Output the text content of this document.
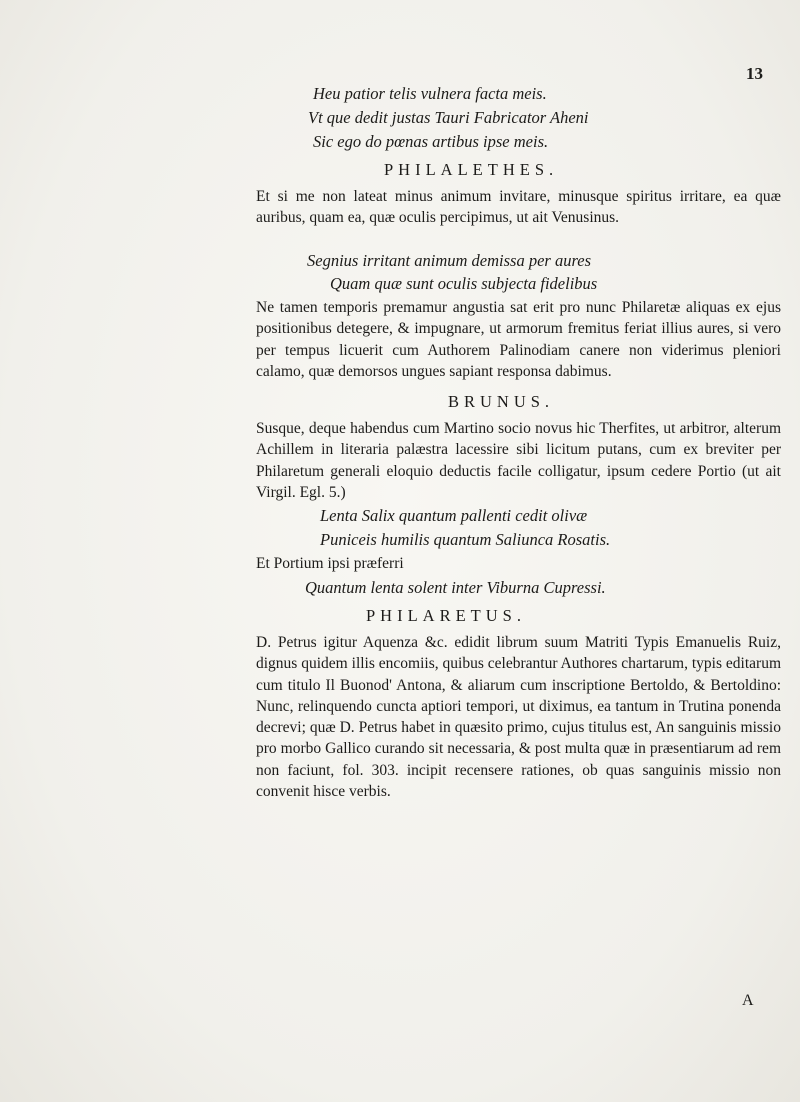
13
Heu patior telis vulnera facta meis.
Vt que dedit justas Tauri Fabricator Aheni
Sic ego do pœnas artibus ipse meis.
PHILALETHES.

Et si me non lateat minus animum invitare, minusque spiritus irritare, ea quæ auribus, quam ea, quæ oculis percipimus, ut ait Venusinus.

Segnius irritant animum demissa per aures
Quam quæ sunt oculis subjecta fidelibus

Ne tamen temporis premamur angustia sat erit pro nunc Philaretæ aliquas ex ejus positionibus detegere, & impugnare, ut armorum fremitus feriat illius aures, si vero per tempus licuerit cum Authorem Palinodiam canere non viderimus pleniori calamo, quæ demorsos ungues sapiant responsa dabimus.

BRUNUS.

Susque, deque habendus cum Martino socio novus hic Therfites, ut arbitror, alterum Achillem in literaria palæstra lacessire sibi licitum putans, cum ex breviter per Philaretum generali eloquio deductis facile colligatur, ipsum cedere Portio (ut ait Virgil. Egl. 5.)

Lenta Salix quantum pallenti cedit olivæ
Puniceis humilis quantum Saliunca Rosatis.

Et Portium ipsi præferri

Quantum lenta solent inter Viburna Cupressi.
PHILARETUS.

D. Petrus igitur Aquenza &c. edidit librum suum Matriti Typis Emanuelis Ruiz, dignus quidem illis encomiis, quibus celebrantur Authores chartarum, typis editarum cum titulo Il Buonod' Antona, & aliarum cum inscriptione Bertoldo, & Bertoldino: Nunc, relinquendo cuncta aptiori tempori, ut diximus, ea tantum in Trutina ponenda decrevi; quæ D. Petrus habet in quæsito primo, cujus titulus est, An sanguinis missio pro morbo Gallico curando sit necessaria, & post multa quæ in præsentiarum ad rem non faciunt, fol. 303. incipit recensere rationes, ob quas sanguinis missio non convenit hisce verbis.

A
